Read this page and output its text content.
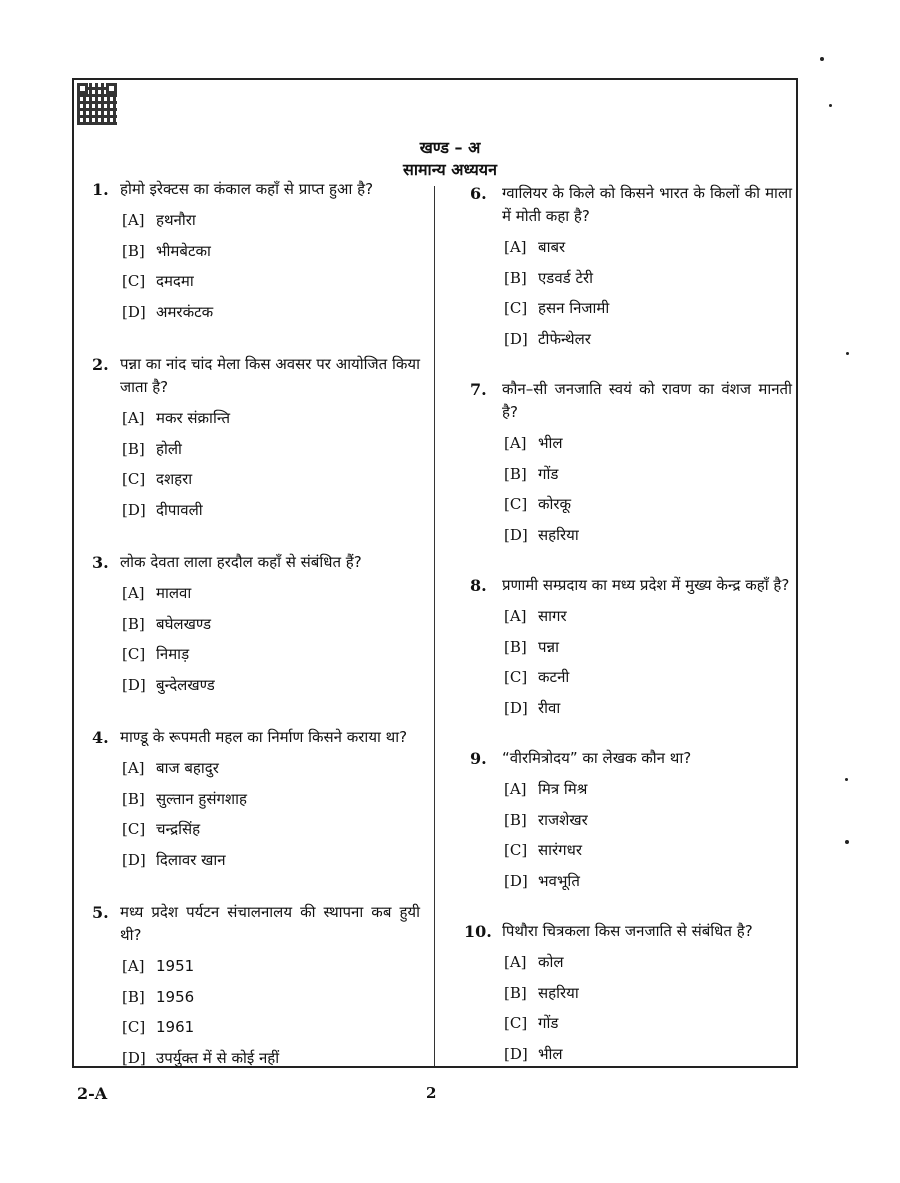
खण्ड – अ
सामान्य अध्ययन
1. होमो इरेक्टस का कंकाल कहाँ से प्राप्त हुआ है?
[A] हथनौरा
[B] भीमबेटका
[C] दमदमा
[D] अमरकंटक
2. पन्ना का नांद चांद मेला किस अवसर पर आयोजित किया जाता है?
[A] मकर संक्रान्ति
[B] होली
[C] दशहरा
[D] दीपावली
3. लोक देवता लाला हरदौल कहाँ से संबंधित हैं?
[A] मालवा
[B] बघेलखण्ड
[C] निमाड़
[D] बुन्देलखण्ड
4. माण्डू के रूपमती महल का निर्माण किसने कराया था?
[A] बाज बहादुर
[B] सुल्तान हुसंगशाह
[C] चन्द्रसिंह
[D] दिलावर खान
5. मध्य प्रदेश पर्यटन संचालनालय की स्थापना कब हुयी थी?
[A] 1951
[B] 1956
[C] 1961
[D] उपर्युक्त में से कोई नहीं
6. ग्वालियर के किले को किसने भारत के किलों की माला में मोती कहा है?
[A] बाबर
[B] एडवर्ड टेरी
[C] हसन निजामी
[D] टीफेन्थेलर
7. कौन–सी जनजाति स्वयं को रावण का वंशज मानती है?
[A] भील
[B] गोंड
[C] कोरकू
[D] सहरिया
8. प्रणामी सम्प्रदाय का मध्य प्रदेश में मुख्य केन्द्र कहाँ है?
[A] सागर
[B] पन्ना
[C] कटनी
[D] रीवा
9. “वीरमित्रोदय” का लेखक कौन था?
[A] मित्र मिश्र
[B] राजशेखर
[C] सारंगधर
[D] भवभूति
10. पिथौरा चित्रकला किस जनजाति से संबंधित है?
[A] कोल
[B] सहरिया
[C] गोंड
[D] भील
2-A	2
